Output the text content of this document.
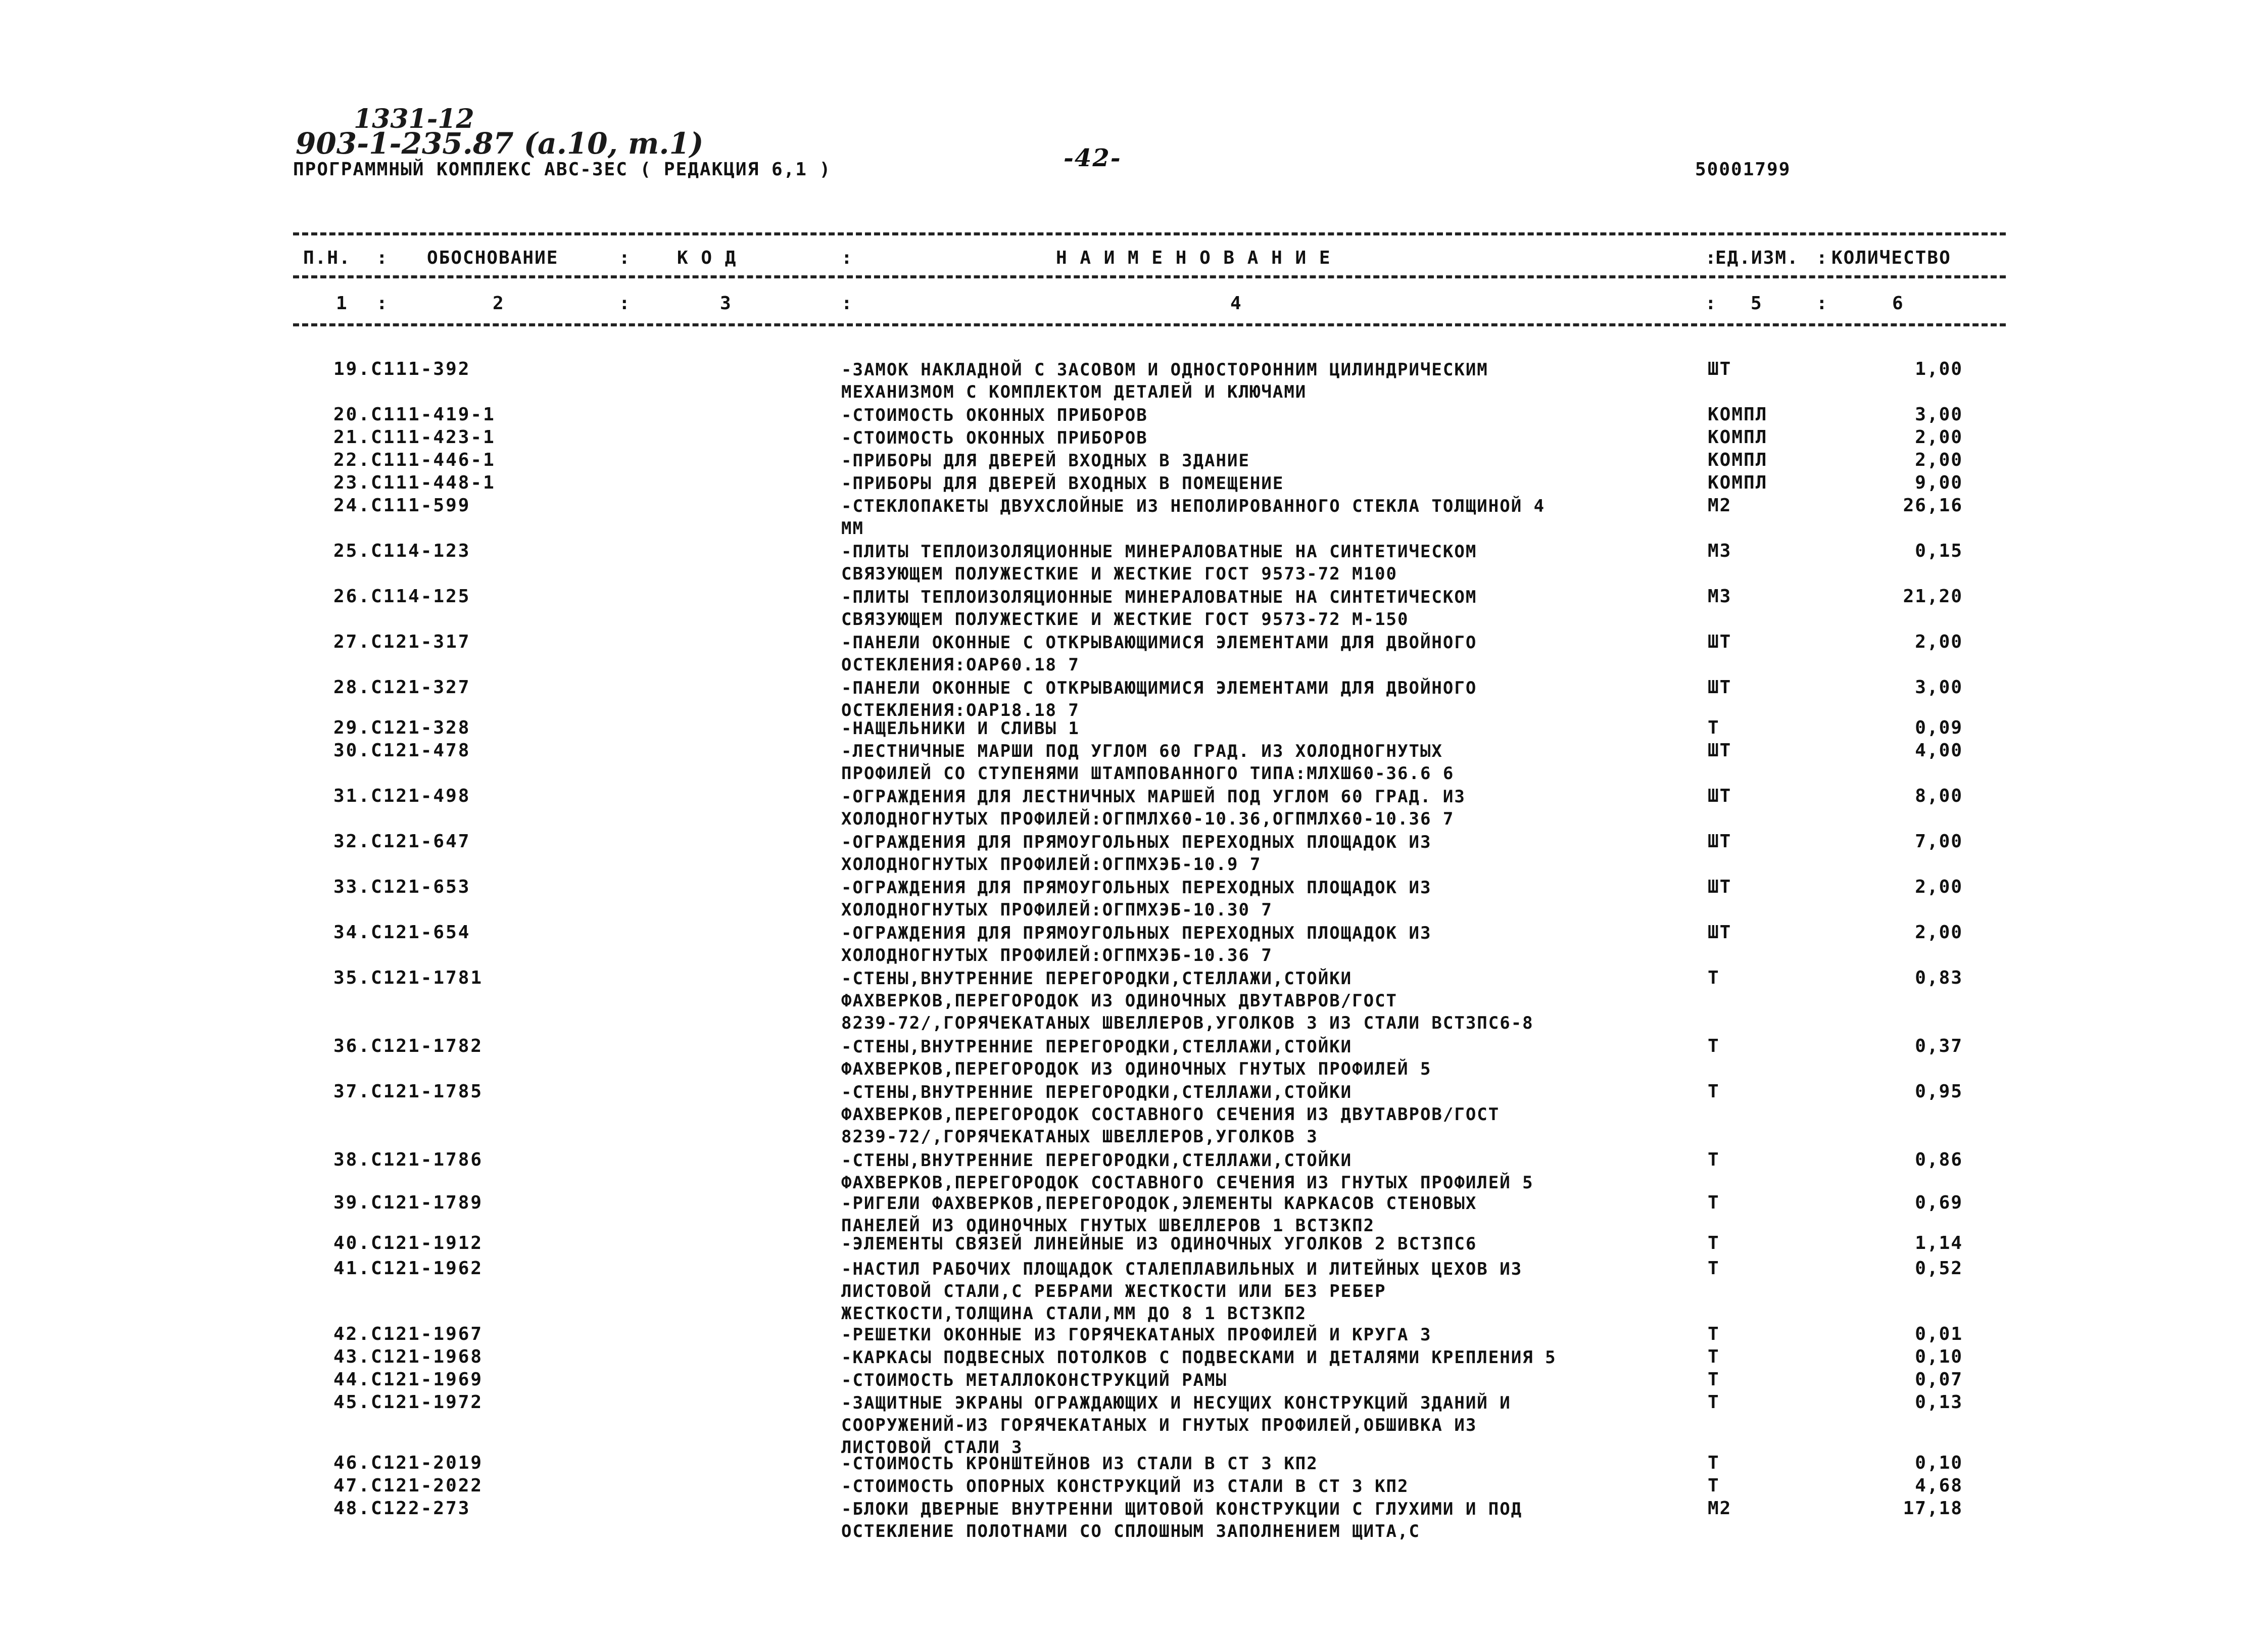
1331-12
903-1-235.87 (а.10, т.1)
ПРОГРАММНЫЙ КОМПЛЕКС АВС-ЗЕС ( РЕДАКЦИЯ 6,1 )	-42-	50001799
П.Н. : ОБОСНОВАНИЕ	:	К О Д	:	Н А И М Е Н О В А Н И Е	:
ЕД.ИЗМ. : КОЛИЧЕСТВО
1 :	2	:	3	:	4	: 5	:	6
19.С111-392	-ЗАМОК НАКЛАДНОЙ С ЗАСОВОМ И ОДНОСТОРОННИМ ЦИЛИНДРИЧЕСКИМ
МЕХАНИЗМОМ С КОМПЛЕКТОМ ДЕТАЛЕЙ И КЛЮЧАМИ
ШТ	1,00
20.С111-419-1	-СТОИМОСТЬ ОКОННЫХ ПРИБОРОВ	КОМПЛ	3,00
21.С111-423-1	-СТОИМОСТЬ ОКОННЫХ ПРИБОРОВ	КОМПЛ	2,00
22.С111-446-1	-ПРИБОРЫ ДЛЯ ДВЕРЕЙ ВХОДНЫХ В ЗДАНИЕ	КОМПЛ	2,00
23.С111-448-1	-ПРИБОРЫ ДЛЯ ДВЕРЕЙ ВХОДНЫХ В ПОМЕЩЕНИЕ	КОМПЛ	9,00
24.С111-599	-СТЕКЛОПАКЕТЫ ДВУХСЛОЙНЫЕ ИЗ НЕПОЛИРОВАННОГО СТЕКЛА ТОЛЩИНОЙ 4
ММ
М2	26,16
25.С114-123	-ПЛИТЫ ТЕПЛОИЗОЛЯЦИОННЫЕ МИНЕРАЛОВАТНЫЕ НА СИНТЕТИЧЕСКОМ
СВЯЗУЮЩЕМ ПОЛУЖЕСТКИЕ И ЖЕСТКИЕ ГОСТ 9573-72 М100
М3	0,15
26.С114-125	-ПЛИТЫ ТЕПЛОИЗОЛЯЦИОННЫЕ МИНЕРАЛОВАТНЫЕ НА СИНТЕТИЧЕСКОМ
СВЯЗУЮЩЕМ ПОЛУЖЕСТКИЕ И ЖЕСТКИЕ ГОСТ 9573-72 М-150
М3	21,20
27.С121-317	-ПАНЕЛИ ОКОННЫЕ С ОТКРЫВАЮЩИМИСЯ ЭЛЕМЕНТАМИ ДЛЯ ДВОЙНОГО
ОСТЕКЛЕНИЯ:ОАР60.18 7
ШТ	2,00
28.С121-327	-ПАНЕЛИ ОКОННЫЕ С ОТКРЫВАЮЩИМИСЯ ЭЛЕМЕНТАМИ ДЛЯ ДВОЙНОГО
ОСТЕКЛЕНИЯ:ОАР18.18 7
ШТ	3,00
29.С121-328	-НАЩЕЛЬНИКИ И СЛИВЫ 1	Т	0,09
30.С121-478	-ЛЕСТНИЧНЫЕ МАРШИ ПОД УГЛОМ 60 ГРАД. ИЗ ХОЛОДНОГНУТЫХ
ПРОФИЛЕЙ СО СТУПЕНЯМИ ШТАМПОВАННОГО ТИПА:МЛХШ60-36.6 6
ШТ	4,00
31.С121-498	-ОГРАЖДЕНИЯ ДЛЯ ЛЕСТНИЧНЫХ МАРШЕЙ ПОД УГЛОМ 60 ГРАД. ИЗ
ХОЛОДНОГНУТЫХ ПРОФИЛЕЙ:ОГПМЛХ60-10.36,ОГПМЛХ60-10.36 7
ШТ	8,00
32.С121-647	-ОГРАЖДЕНИЯ ДЛЯ ПРЯМОУГОЛЬНЫХ ПЕРЕХОДНЫХ ПЛОЩАДОК ИЗ
ХОЛОДНОГНУТЫХ ПРОФИЛЕЙ:ОГПМХЭБ-10.9 7
ШТ	7,00
33.С121-653	-ОГРАЖДЕНИЯ ДЛЯ ПРЯМОУГОЛЬНЫХ ПЕРЕХОДНЫХ ПЛОЩАДОК ИЗ
ХОЛОДНОГНУТЫХ ПРОФИЛЕЙ:ОГПМХЭБ-10.30 7
ШТ	2,00
34.С121-654	-ОГРАЖДЕНИЯ ДЛЯ ПРЯМОУГОЛЬНЫХ ПЕРЕХОДНЫХ ПЛОЩАДОК ИЗ
ХОЛОДНОГНУТЫХ ПРОФИЛЕЙ:ОГПМХЭБ-10.36 7
ШТ	2,00
35.С121-1781	-СТЕНЫ,ВНУТРЕННИЕ ПЕРЕГОРОДКИ,СТЕЛЛАЖИ,СТОЙКИ
ФАХВЕРКОВ,ПЕРЕГОРОДОК ИЗ ОДИНОЧНЫХ ДВУТАВРОВ/ГОСТ
8239-72/,ГОРЯЧЕКАТАНЫХ ШВЕЛЛЕРОВ,УГОЛКОВ 3 ИЗ СТАЛИ ВСТ3ПС6-8
Т	0,83
36.С121-1782	-СТЕНЫ,ВНУТРЕННИЕ ПЕРЕГОРОДКИ,СТЕЛЛАЖИ,СТОЙКИ
ФАХВЕРКОВ,ПЕРЕГОРОДОК ИЗ ОДИНОЧНЫХ ГНУТЫХ ПРОФИЛЕЙ 5
Т	0,37
37.С121-1785	-СТЕНЫ,ВНУТРЕННИЕ ПЕРЕГОРОДКИ,СТЕЛЛАЖИ,СТОЙКИ
ФАХВЕРКОВ,ПЕРЕГОРОДОК СОСТАВНОГО СЕЧЕНИЯ ИЗ ДВУТАВРОВ/ГОСТ
8239-72/,ГОРЯЧЕКАТАНЫХ ШВЕЛЛЕРОВ,УГОЛКОВ 3
Т	0,95
38.С121-1786	-СТЕНЫ,ВНУТРЕННИЕ ПЕРЕГОРОДКИ,СТЕЛЛАЖИ,СТОЙКИ
ФАХВЕРКОВ,ПЕРЕГОРОДОК СОСТАВНОГО СЕЧЕНИЯ ИЗ ГНУТЫХ ПРОФИЛЕЙ 5
Т	0,86
39.С121-1789	-РИГЕЛИ ФАХВЕРКОВ,ПЕРЕГОРОДОК,ЭЛЕМЕНТЫ КАРКАСОВ СТЕНОВЫХ
ПАНЕЛЕЙ ИЗ ОДИНОЧНЫХ ГНУТЫХ ШВЕЛЛЕРОВ 1 ВСТ3КП2
Т	0,69
40.С121-1912	-ЭЛЕМЕНТЫ СВЯЗЕЙ ЛИНЕЙНЫЕ ИЗ ОДИНОЧНЫХ УГОЛКОВ 2 ВСТ3ПС6	Т	1,14
41.С121-1962	-НАСТИЛ РАБОЧИХ ПЛОЩАДОК СТАЛЕПЛАВИЛЬНЫХ И ЛИТЕЙНЫХ ЦЕХОВ ИЗ
ЛИСТОВОЙ СТАЛИ,С РЕБРАМИ ЖЕСТКОСТИ ИЛИ БЕЗ РЕБЕР
ЖЕСТКОСТИ,ТОЛЩИНА СТАЛИ,ММ ДО 8 1 ВСТ3КП2
Т	0,52
42.С121-1967	-РЕШЕТКИ ОКОННЫЕ ИЗ ГОРЯЧЕКАТАНЫХ ПРОФИЛЕЙ И КРУГА 3	Т	0,01
43.С121-1968	-КАРКАСЫ ПОДВЕСНЫХ ПОТОЛКОВ С ПОДВЕСКАМИ И ДЕТАЛЯМИ КРЕПЛЕНИЯ 5	Т	0,10
44.С121-1969	-СТОИМОСТЬ МЕТАЛЛОКОНСТРУКЦИЙ РАМЫ	Т	0,07
45.С121-1972	-ЗАЩИТНЫЕ ЭКРАНЫ ОГРАЖДАЮЩИХ И НЕСУЩИХ КОНСТРУКЦИЙ ЗДАНИЙ И
СООРУЖЕНИЙ-ИЗ ГОРЯЧЕКАТАНЫХ И ГНУТЫХ ПРОФИЛЕЙ,ОБШИВКА ИЗ
ЛИСТОВОЙ СТАЛИ 3
Т	0,13
46.С121-2019	-СТОИМОСТЬ КРОНШТЕЙНОВ ИЗ СТАЛИ В СТ 3 КП2	Т	0,10
47.С121-2022	-СТОИМОСТЬ ОПОРНЫХ КОНСТРУКЦИЙ ИЗ СТАЛИ В СТ 3 КП2	Т	4,68
48.С122-273	-БЛОКИ ДВЕРНЫЕ ВНУТРЕННИ ЩИТОВОЙ КОНСТРУКЦИИ С ГЛУХИМИ И ПОД
ОСТЕКЛЕНИЕ ПОЛОТНАМИ СО СПЛОШНЫМ ЗАПОЛНЕНИЕМ ЩИТА,С
М2	17,18
